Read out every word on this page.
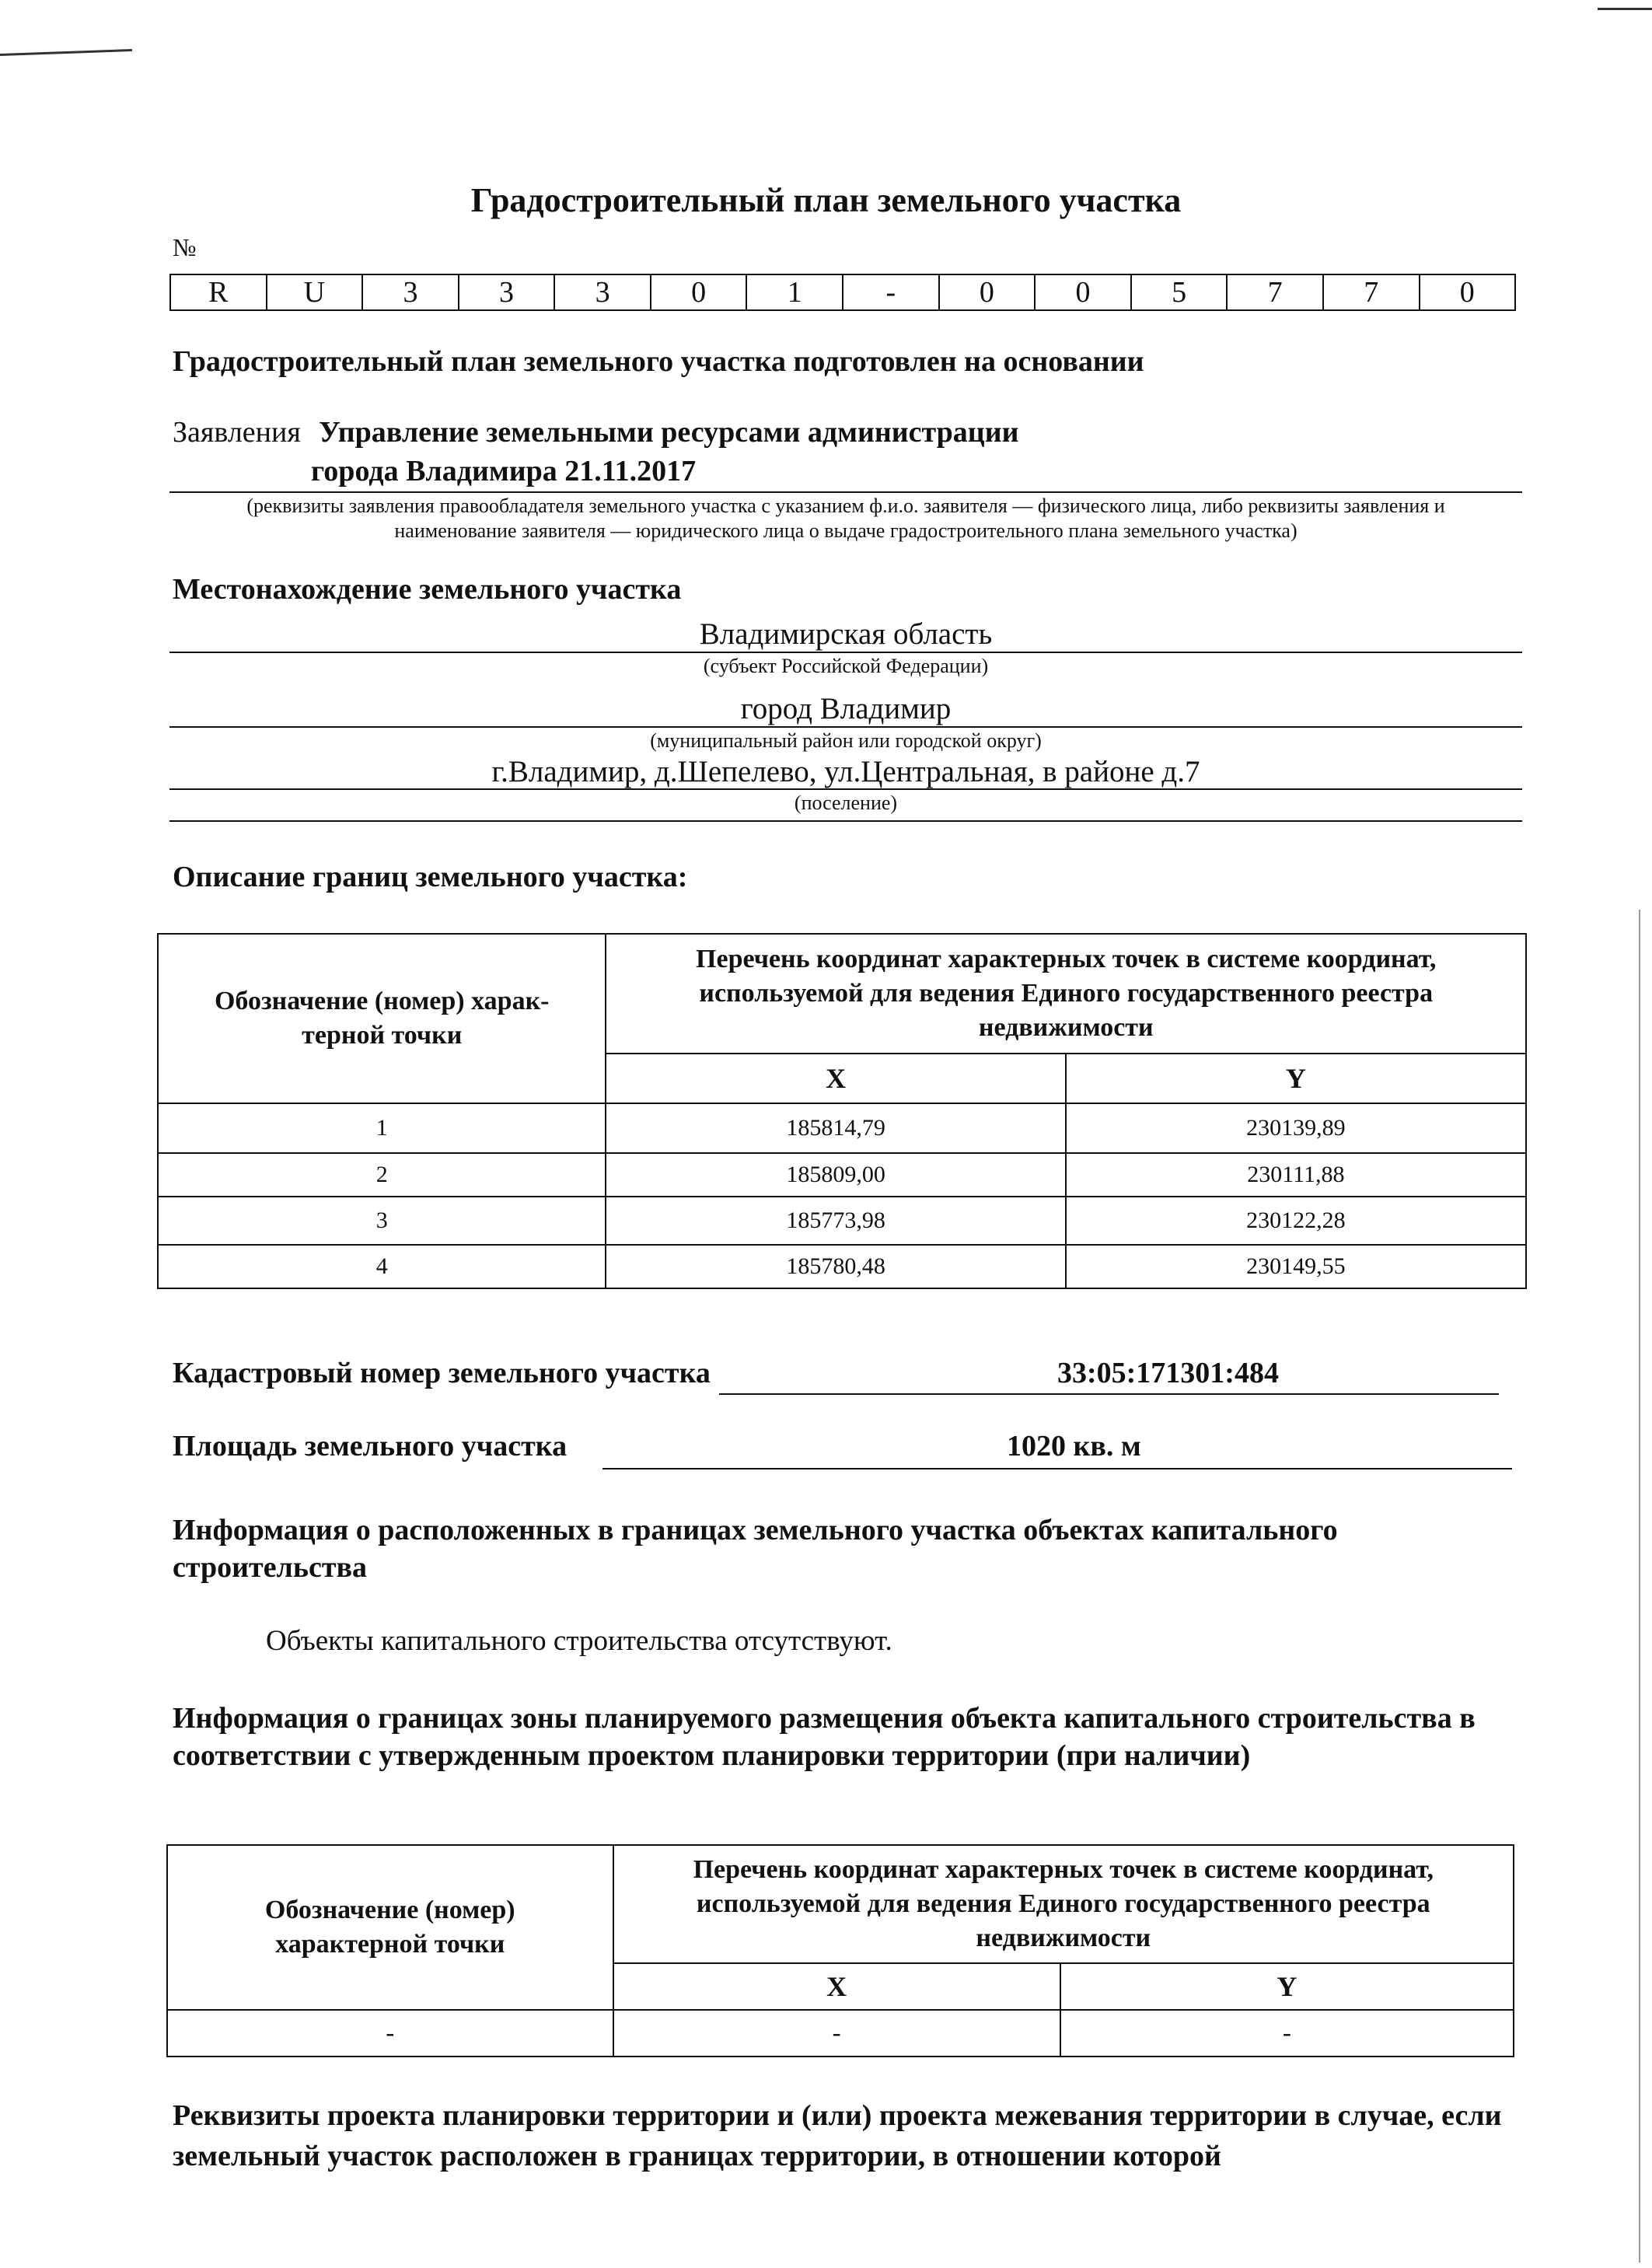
Градостроительный план земельного участка
№
R	U	3	3	3	0	1	-	0	0	5	7	7	0
Градостроительный план земельного участка подготовлен на основании
Заявления Управление земельными ресурсами администрации
города Владимира 21.11.2017
(реквизиты заявления правообладателя земельного участка с указанием ф.и.о. заявителя — физического лица, либо реквизиты заявления и
наименование заявителя — юридического лица о выдаче градостроительного плана земельного участка)
Местонахождение земельного участка
Владимирская область
(субъект Российской Федерации)
город Владимир
(муниципальный район или городской округ)
г.Владимир, д.Шепелево, ул.Центральная, в районе д.7
(поселение)
Описание границ земельного участка:
Обозначение (номер) харак-терной точки	Перечень координат характерных точек в системе координат, используемой для ведения Единого государственного реестра недвижимости	
	X	Y
1	185814,79	230139,89
2	185809,00	230111,88
3	185773,98	230122,28
4	185780,48	230149,55
Кадастровый номер земельного участка	33:05:171301:484
Площадь земельного участка	1020 кв. м
Информация о расположенных в границах земельного участка объектах капитального строительства
Объекты капитального строительства отсутствуют.
Информация о границах зоны планируемого размещения объекта капитального строительства в соответствии с утвержденным проектом планировки территории (при наличии)
Обозначение (номер) характерной точки	Перечень координат характерных точек в системе координат, используемой для ведения Единого государственного реестра недвижимости	
	X	Y
-	-	-
Реквизиты проекта планировки территории и (или) проекта межевания территории в случае, если земельный участок расположен в границах территории, в отношении которой
